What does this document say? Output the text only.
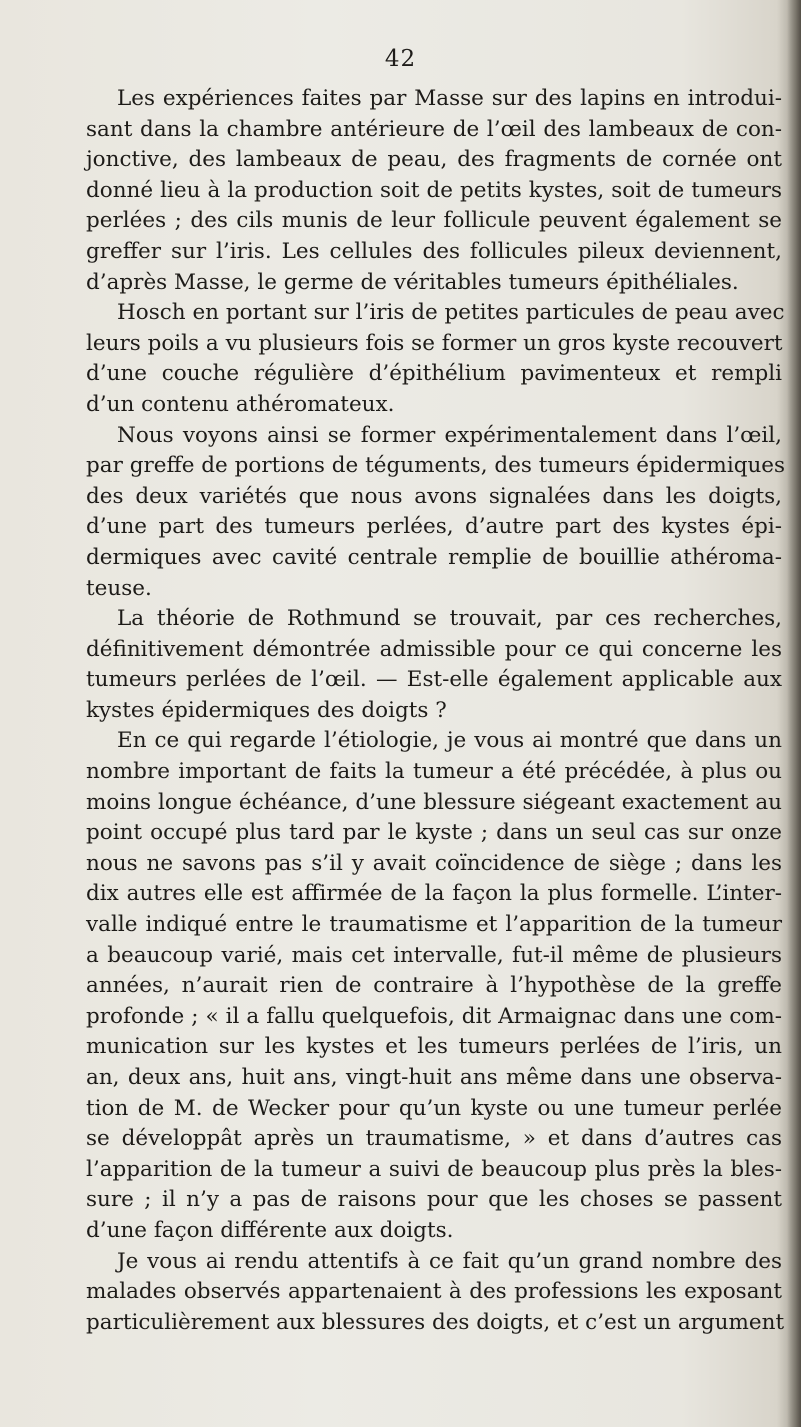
42
Les expériences faites par Masse sur des lapins en introdui-
sant dans la chambre antérieure de l’œil des lambeaux de con-
jonctive, des lambeaux de peau, des fragments de cornée ont
donné lieu à la production soit de petits kystes, soit de tumeurs
perlées ; des cils munis de leur follicule peuvent également se
greffer sur l’iris. Les cellules des follicules pileux deviennent,
d’après Masse, le germe de véritables tumeurs épithéliales.
Hosch en portant sur l’iris de petites particules de peau avec
leurs poils a vu plusieurs fois se former un gros kyste recouvert
d’une couche régulière d’épithélium pavimenteux et rempli
d’un contenu athéromateux.
Nous voyons ainsi se former expérimentalement dans l’œil,
par greffe de portions de téguments, des tumeurs épidermiques
des deux variétés que nous avons signalées dans les doigts,
d’une part des tumeurs perlées, d’autre part des kystes épi-
dermiques avec cavité centrale remplie de bouillie athéroma-
teuse.
La théorie de Rothmund se trouvait, par ces recherches,
définitivement démontrée admissible pour ce qui concerne les
tumeurs perlées de l’œil. — Est-elle également applicable aux
kystes épidermiques des doigts ?
En ce qui regarde l’étiologie, je vous ai montré que dans un
nombre important de faits la tumeur a été précédée, à plus ou
moins longue échéance, d’une blessure siégeant exactement au
point occupé plus tard par le kyste ; dans un seul cas sur onze
nous ne savons pas s’il y avait coïncidence de siège ; dans les
dix autres elle est affirmée de la façon la plus formelle. L’inter-
valle indiqué entre le traumatisme et l’apparition de la tumeur
a beaucoup varié, mais cet intervalle, fut-il même de plusieurs
années, n’aurait rien de contraire à l’hypothèse de la greffe
profonde ; « il a fallu quelquefois, dit Armaignac dans une com-
munication sur les kystes et les tumeurs perlées de l’iris, un
an, deux ans, huit ans, vingt-huit ans même dans une observa-
tion de M. de Wecker pour qu’un kyste ou une tumeur perlée
se développât après un traumatisme, » et dans d’autres cas
l’apparition de la tumeur a suivi de beaucoup plus près la bles-
sure ; il n’y a pas de raisons pour que les choses se passent
d’une façon différente aux doigts.
Je vous ai rendu attentifs à ce fait qu’un grand nombre des
malades observés appartenaient à des professions les exposant
particulièrement aux blessures des doigts, et c’est un argument
